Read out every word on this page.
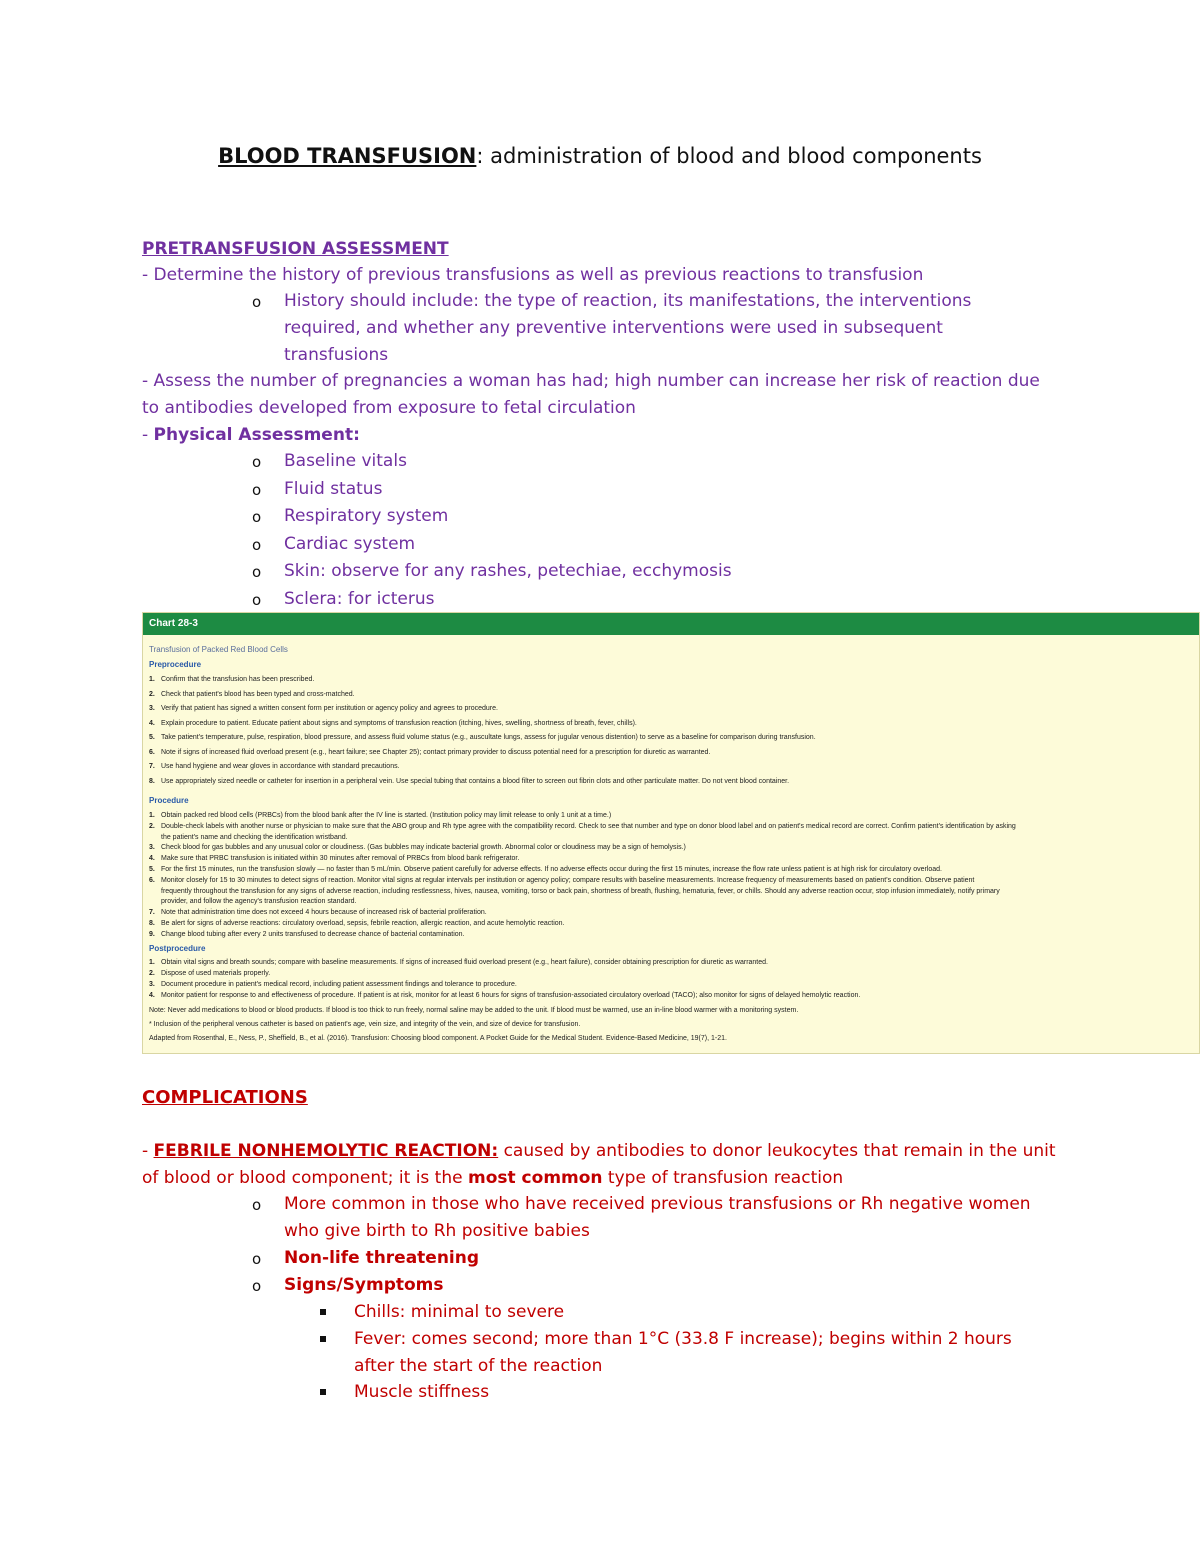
BLOOD TRANSFUSION: administration of blood and blood components
PRETRANSFUSION ASSESSMENT
- Determine the history of previous transfusions as well as previous reactions to transfusion
o History should include: the type of reaction, its manifestations, the interventions
required, and whether any preventive interventions were used in subsequent
transfusions
- Assess the number of pregnancies a woman has had; high number can increase her risk of reaction due
to antibodies developed from exposure to fetal circulation
- Physical Assessment:
o Baseline vitals
o Fluid status
o Respiratory system
o Cardiac system
o Skin: observe for any rashes, petechiae, ecchymosis
o Sclera: for icterus
Chart 28-3
Transfusion of Packed Red Blood Cells
Preprocedure
1. Confirm that the transfusion has been prescribed.
2. Check that patient's blood has been typed and cross-matched.
3. Verify that patient has signed a written consent form per institution or agency policy and agrees to procedure.
4. Explain procedure to patient. Educate patient about signs and symptoms of transfusion reaction (itching, hives, swelling, shortness of breath, fever, chills).
5. Take patient's temperature, pulse, respiration, blood pressure, and assess fluid volume status (e.g., auscultate lungs, assess for jugular venous distention) to serve as a baseline for comparison during transfusion.
6. Note if signs of increased fluid overload present (e.g., heart failure; see Chapter 25); contact primary provider to discuss potential need for a prescription for diuretic as warranted.
7. Use hand hygiene and wear gloves in accordance with standard precautions.
8. Use appropriately sized needle or catheter for insertion in a peripheral vein. Use special tubing that contains a blood filter to screen out fibrin clots and other particulate matter. Do not vent blood container.
Procedure
1. Obtain packed red blood cells (PRBCs) from the blood bank after the IV line is started. (Institution policy may limit release to only 1 unit at a time.)
2. Double-check labels with another nurse or physician to make sure that the ABO group and Rh type agree with the compatibility record. Check to see that number and type on donor blood label and on patient's medical record are correct. Confirm patient's identification by asking
the patient's name and checking the identification wristband.
3. Check blood for gas bubbles and any unusual color or cloudiness. (Gas bubbles may indicate bacterial growth. Abnormal color or cloudiness may be a sign of hemolysis.)
4. Make sure that PRBC transfusion is initiated within 30 minutes after removal of PRBCs from blood bank refrigerator.
5. For the first 15 minutes, run the transfusion slowly — no faster than 5 mL/min. Observe patient carefully for adverse effects. If no adverse effects occur during the first 15 minutes, increase the flow rate unless patient is at high risk for circulatory overload.
6. Monitor closely for 15 to 30 minutes to detect signs of reaction. Monitor vital signs at regular intervals per institution or agency policy; compare results with baseline measurements. Increase frequency of measurements based on patient's condition. Observe patient
frequently throughout the transfusion for any signs of adverse reaction, including restlessness, hives, nausea, vomiting, torso or back pain, shortness of breath, flushing, hematuria, fever, or chills. Should any adverse reaction occur, stop infusion immediately, notify primary
provider, and follow the agency's transfusion reaction standard.
7. Note that administration time does not exceed 4 hours because of increased risk of bacterial proliferation.
8. Be alert for signs of adverse reactions: circulatory overload, sepsis, febrile reaction, allergic reaction, and acute hemolytic reaction.
9. Change blood tubing after every 2 units transfused to decrease chance of bacterial contamination.
Postprocedure
1. Obtain vital signs and breath sounds; compare with baseline measurements. If signs of increased fluid overload present (e.g., heart failure), consider obtaining prescription for diuretic as warranted.
2. Dispose of used materials properly.
3. Document procedure in patient's medical record, including patient assessment findings and tolerance to procedure.
4. Monitor patient for response to and effectiveness of procedure. If patient is at risk, monitor for at least 6 hours for signs of transfusion-associated circulatory overload (TACO); also monitor for signs of delayed hemolytic reaction.
Note: Never add medications to blood or blood products. If blood is too thick to run freely, normal saline may be added to the unit. If blood must be warmed, use an in-line blood warmer with a monitoring system.
* Inclusion of the peripheral venous catheter is based on patient's age, vein size, and integrity of the vein, and size of device for transfusion.
Adapted from Rosenthal, E., Ness, P., Sheffield, B., et al. (2016). Transfusion: Choosing blood component. A Pocket Guide for the Medical Student. Evidence-Based Medicine, 19(7), 1-21.
COMPLICATIONS
- FEBRILE NONHEMOLYTIC REACTION: caused by antibodies to donor leukocytes that remain in the unit
of blood or blood component; it is the most common type of transfusion reaction
o More common in those who have received previous transfusions or Rh negative women
who give birth to Rh positive babies
o Non-life threatening
o Signs/Symptoms
Chills: minimal to severe
Fever: comes second; more than 1°C (33.8 F increase); begins within 2 hours
after the start of the reaction
Muscle stiffness
